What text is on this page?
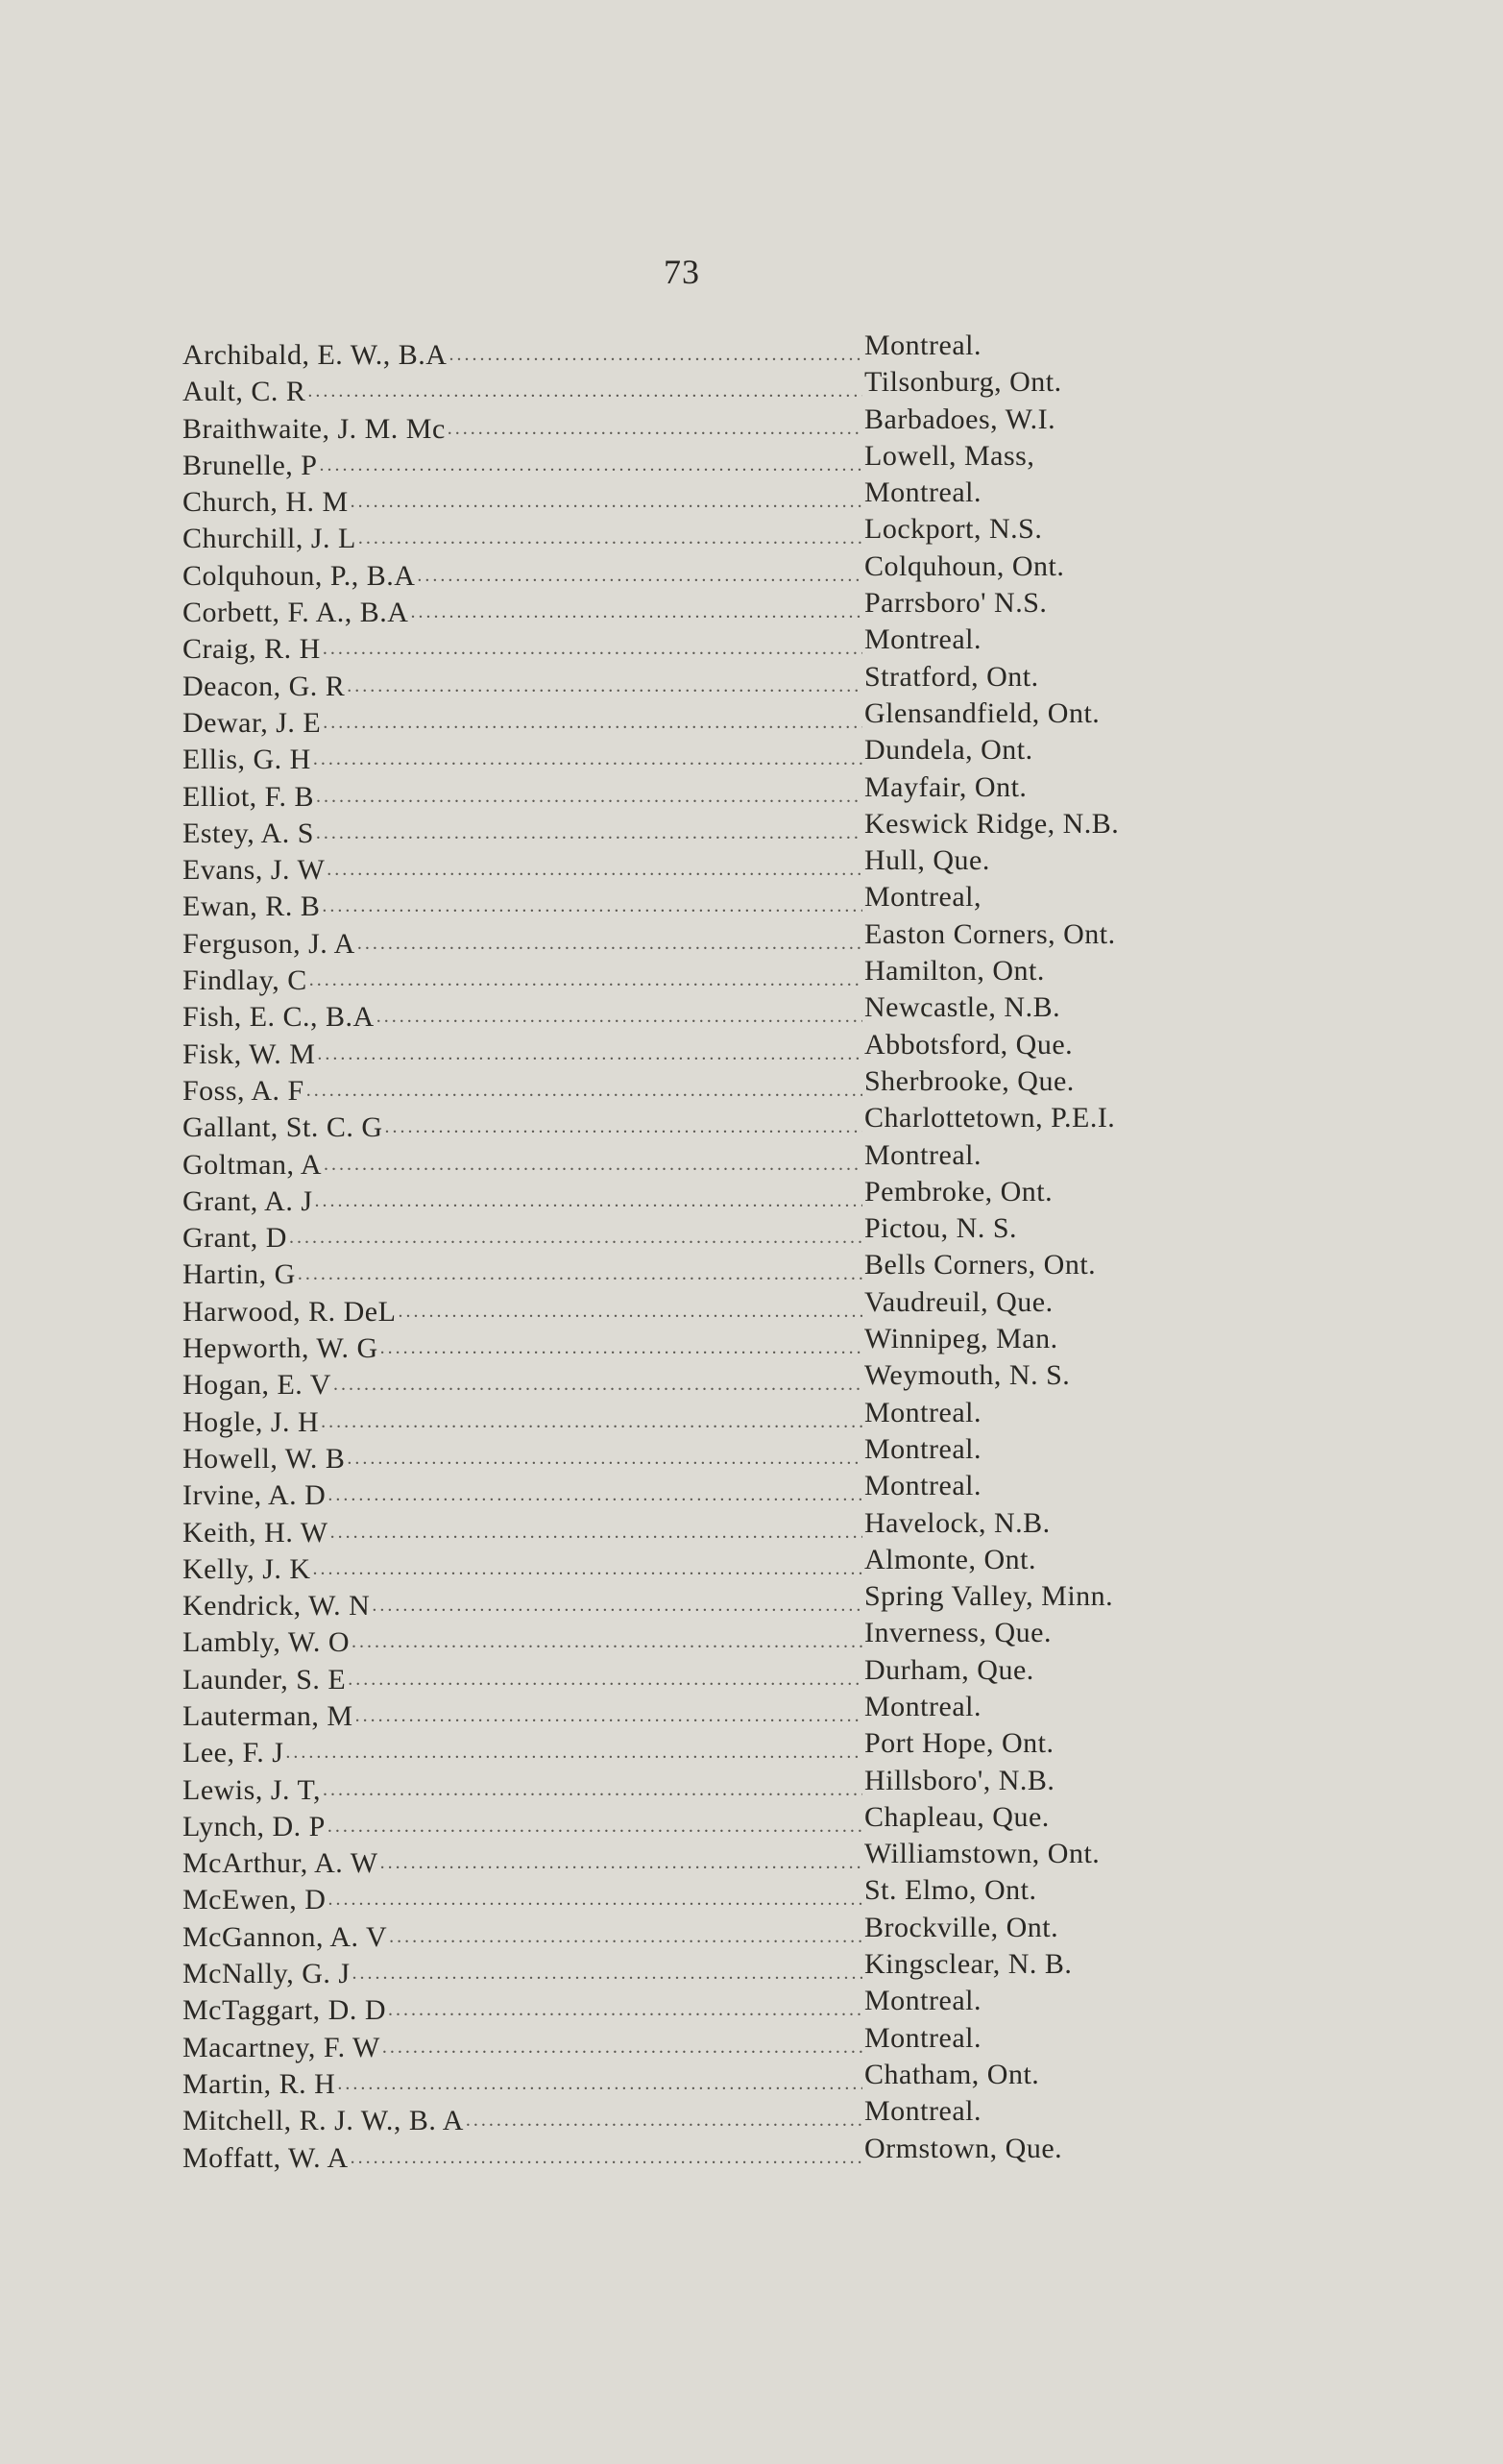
73
Archibald, E. W., B.A .....	Montreal.
Ault, C. R .....	Tilsonburg, Ont.
Braithwaite, J. M. Mc .....	Barbadoes, W.I.
Brunelle, P .....	Lowell, Mass,
Church, H. M .....	Montreal.
Churchill, J. L .....	Lockport, N.S.
Colquhoun, P., B.A .....	Colquhoun, Ont.
Corbett, F. A., B.A .....	Parrsboro' N.S.
Craig, R. H .....	Montreal.
Deacon, G. R .....	Stratford, Ont.
Dewar, J. E .....	Glensandfield, Ont.
Ellis, G. H .....	Dundela, Ont.
Elliot, F. B .....	Mayfair, Ont.
Estey, A. S .....	Keswick Ridge, N.B.
Evans, J. W .....	Hull, Que.
Ewan, R. B .....	Montreal,
Ferguson, J. A .....	Easton Corners, Ont.
Findlay, C .....	Hamilton, Ont.
Fish, E. C., B.A .....	Newcastle, N.B.
Fisk, W. M .....	Abbotsford, Que.
Foss, A. F .....	Sherbrooke, Que.
Gallant, St. C. G .....	Charlottetown, P.E.I.
Goltman, A .....	Montreal.
Grant, A. J .....	Pembroke, Ont.
Grant, D .....	Pictou, N. S.
Hartin, G .....	Bells Corners, Ont.
Harwood, R. DeL .....	Vaudreuil, Que.
Hepworth, W. G .....	Winnipeg, Man.
Hogan, E. V .....	Weymouth, N. S.
Hogle, J. H .....	Montreal.
Howell, W. B .....	Montreal.
Irvine, A. D .....	Montreal.
Keith, H. W .....	Havelock, N.B.
Kelly, J. K .....	Almonte, Ont.
Kendrick, W. N .....	Spring Valley, Minn.
Lambly, W. O .....	Inverness, Que.
Launder, S. E .....	Durham, Que.
Lauterman, M .....	Montreal.
Lee, F. J .....	Port Hope, Ont.
Lewis, J. T, .....	Hillsboro', N.B.
Lynch, D. P .....	Chapleau, Que.
McArthur, A. W .....	Williamstown, Ont.
McEwen, D .....	St. Elmo, Ont.
McGannon, A. V .....	Brockville, Ont.
McNally, G. J .....	Kingsclear, N. B.
McTaggart, D. D .....	Montreal.
Macartney, F. W .....	Montreal.
Martin, R. H .....	Chatham, Ont.
Mitchell, R. J. W., B. A .....	Montreal.
Moffatt, W. A .....	Ormstown, Que.
